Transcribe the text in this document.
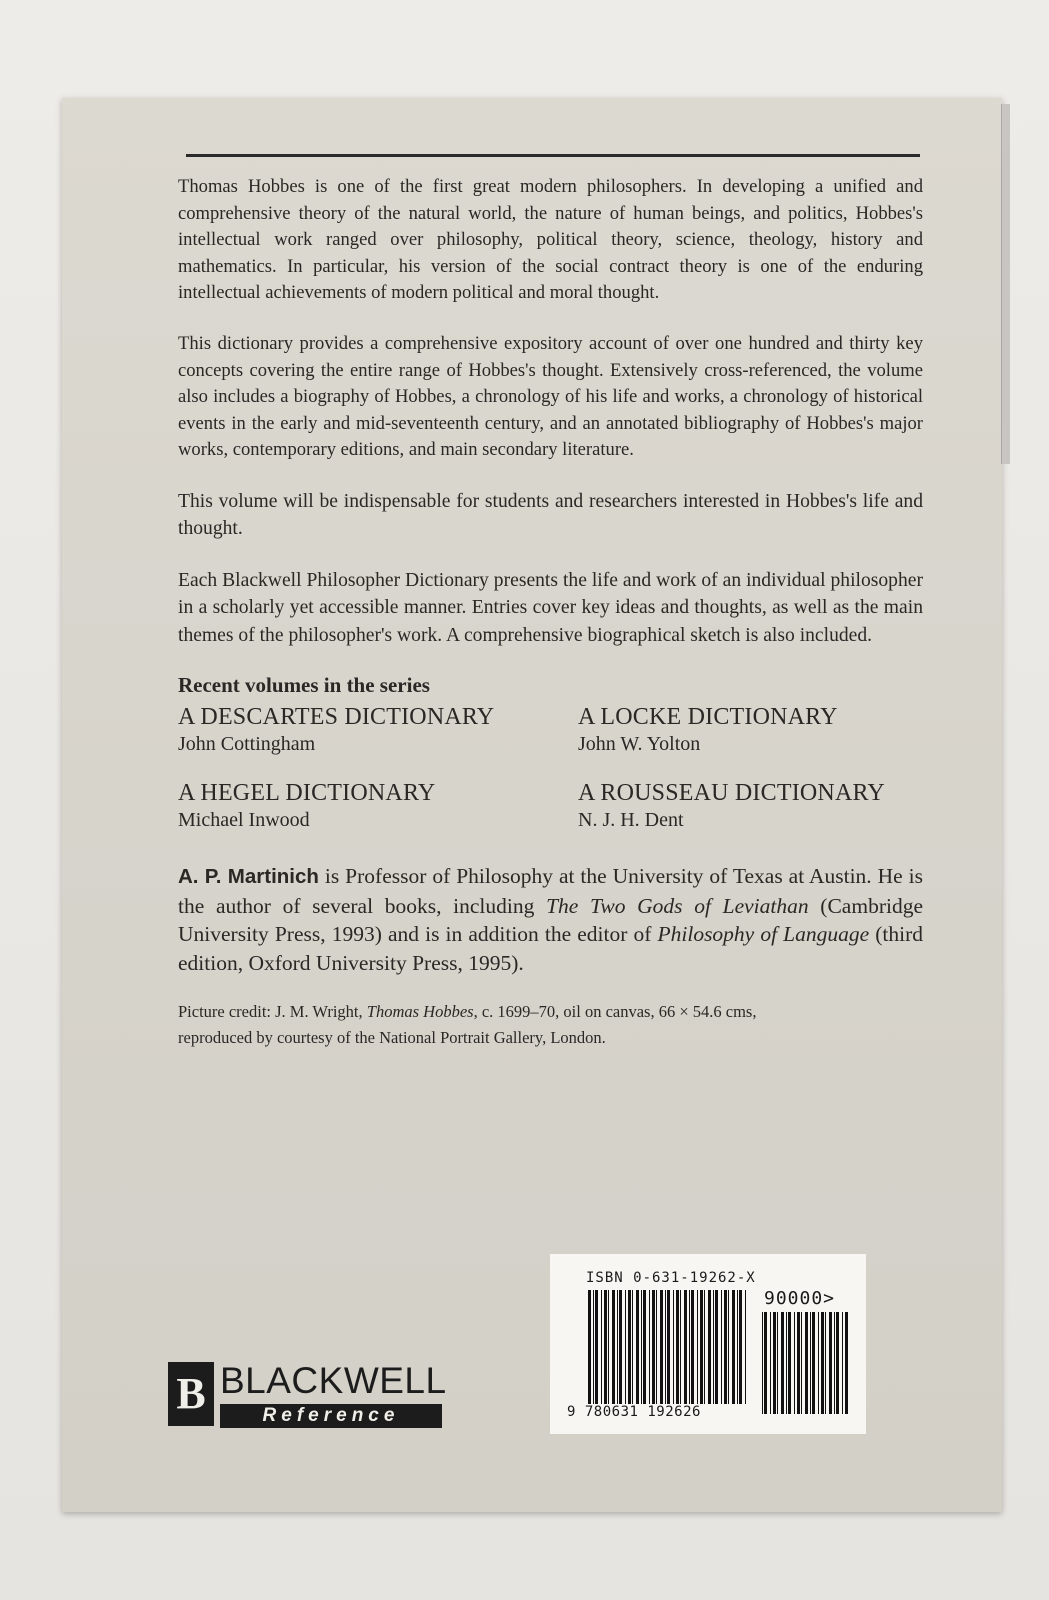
Thomas Hobbes is one of the first great modern philosophers. In developing a unified and comprehensive theory of the natural world, the nature of human beings, and politics, Hobbes's intellectual work ranged over philosophy, political theory, science, theology, history and mathematics. In particular, his version of the social contract theory is one of the enduring intellectual achievements of modern political and moral thought.

This dictionary provides a comprehensive expository account of over one hundred and thirty key concepts covering the entire range of Hobbes's thought. Extensively cross-referenced, the volume also includes a biography of Hobbes, a chronology of his life and works, a chronology of historical events in the early and mid-seventeenth century, and an annotated bibliography of Hobbes's major works, contemporary editions, and main secondary literature.

This volume will be indispensable for students and researchers interested in Hobbes's life and thought.

Each Blackwell Philosopher Dictionary presents the life and work of an individual philosopher in a scholarly yet accessible manner. Entries cover key ideas and thoughts, as well as the main themes of the philosopher's work. A comprehensive biographical sketch is also included.

Recent volumes in the series
A DESCARTES DICTIONARY
John Cottingham
A LOCKE DICTIONARY
John W. Yolton
A HEGEL DICTIONARY
Michael Inwood
A ROUSSEAU DICTIONARY
N. J. H. Dent

A. P. Martinich is Professor of Philosophy at the University of Texas at Austin. He is the author of several books, including The Two Gods of Leviathan (Cambridge University Press, 1993) and is in addition the editor of Philosophy of Language (third edition, Oxford University Press, 1995).

Picture credit: J. M. Wright, Thomas Hobbes, c. 1699–70, oil on canvas, 66 × 54.6 cms,
reproduced by courtesy of the National Portrait Gallery, London.

B BLACKWELL
Reference
ISBN 0-631-19262-X
90000>
9 780631 192626
